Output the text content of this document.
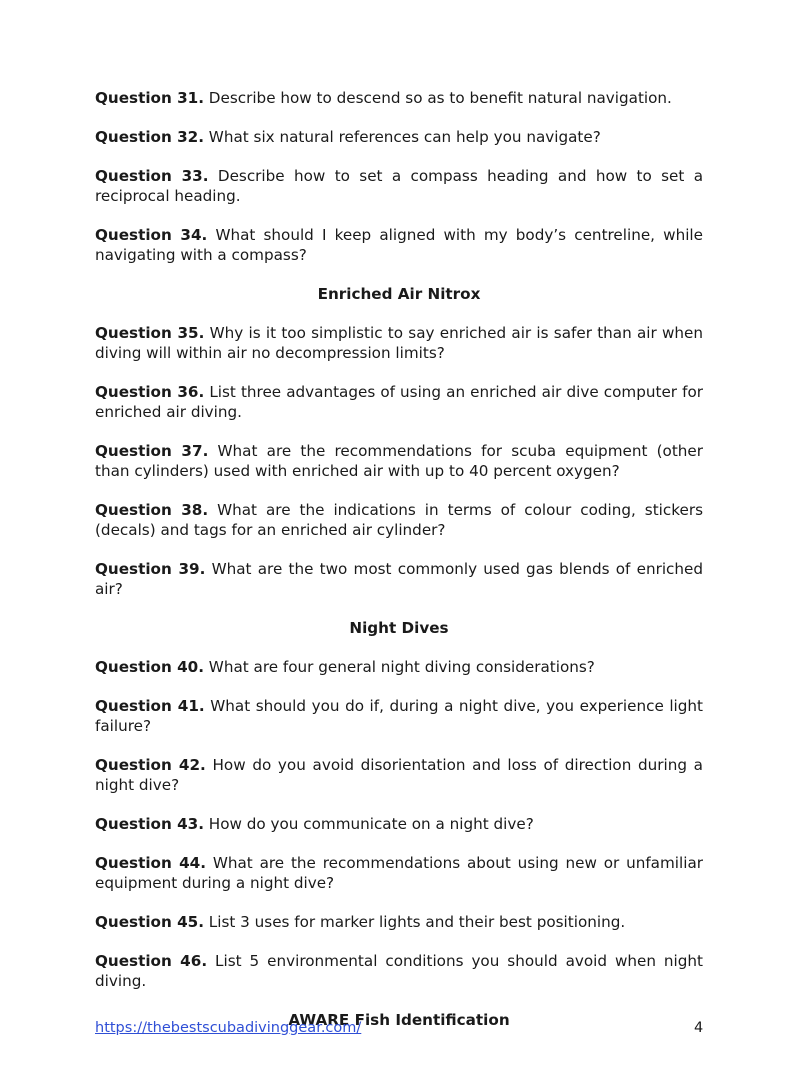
Question 31. Describe how to descend so as to benefit natural navigation.

Question 32. What six natural references can help you navigate?

Question 33. Describe how to set a compass heading and how to set a reciprocal heading.

Question 34. What should I keep aligned with my body’s centreline, while navigating with a compass?

Enriched Air Nitrox

Question 35. Why is it too simplistic to say enriched air is safer than air when diving will within air no decompression limits?

Question 36. List three advantages of using an enriched air dive computer for enriched air diving.

Question 37. What are the recommendations for scuba equipment (other than cylinders) used with enriched air with up to 40 percent oxygen?

Question 38. What are the indications in terms of colour coding, stickers (decals) and tags for an enriched air cylinder?

Question 39. What are the two most commonly used gas blends of enriched air?

Night Dives

Question 40. What are four general night diving considerations?

Question 41. What should you do if, during a night dive, you experience light failure?

Question 42. How do you avoid disorientation and loss of direction during a night dive?

Question 43. How do you communicate on a night dive?

Question 44. What are the recommendations about using new or unfamiliar equipment during a night dive?

Question 45. List 3 uses for marker lights and their best positioning.

Question 46. List 5 environmental conditions you should avoid when night diving.

AWARE Fish Identification
https://thebestscubadivinggear.com/	4
